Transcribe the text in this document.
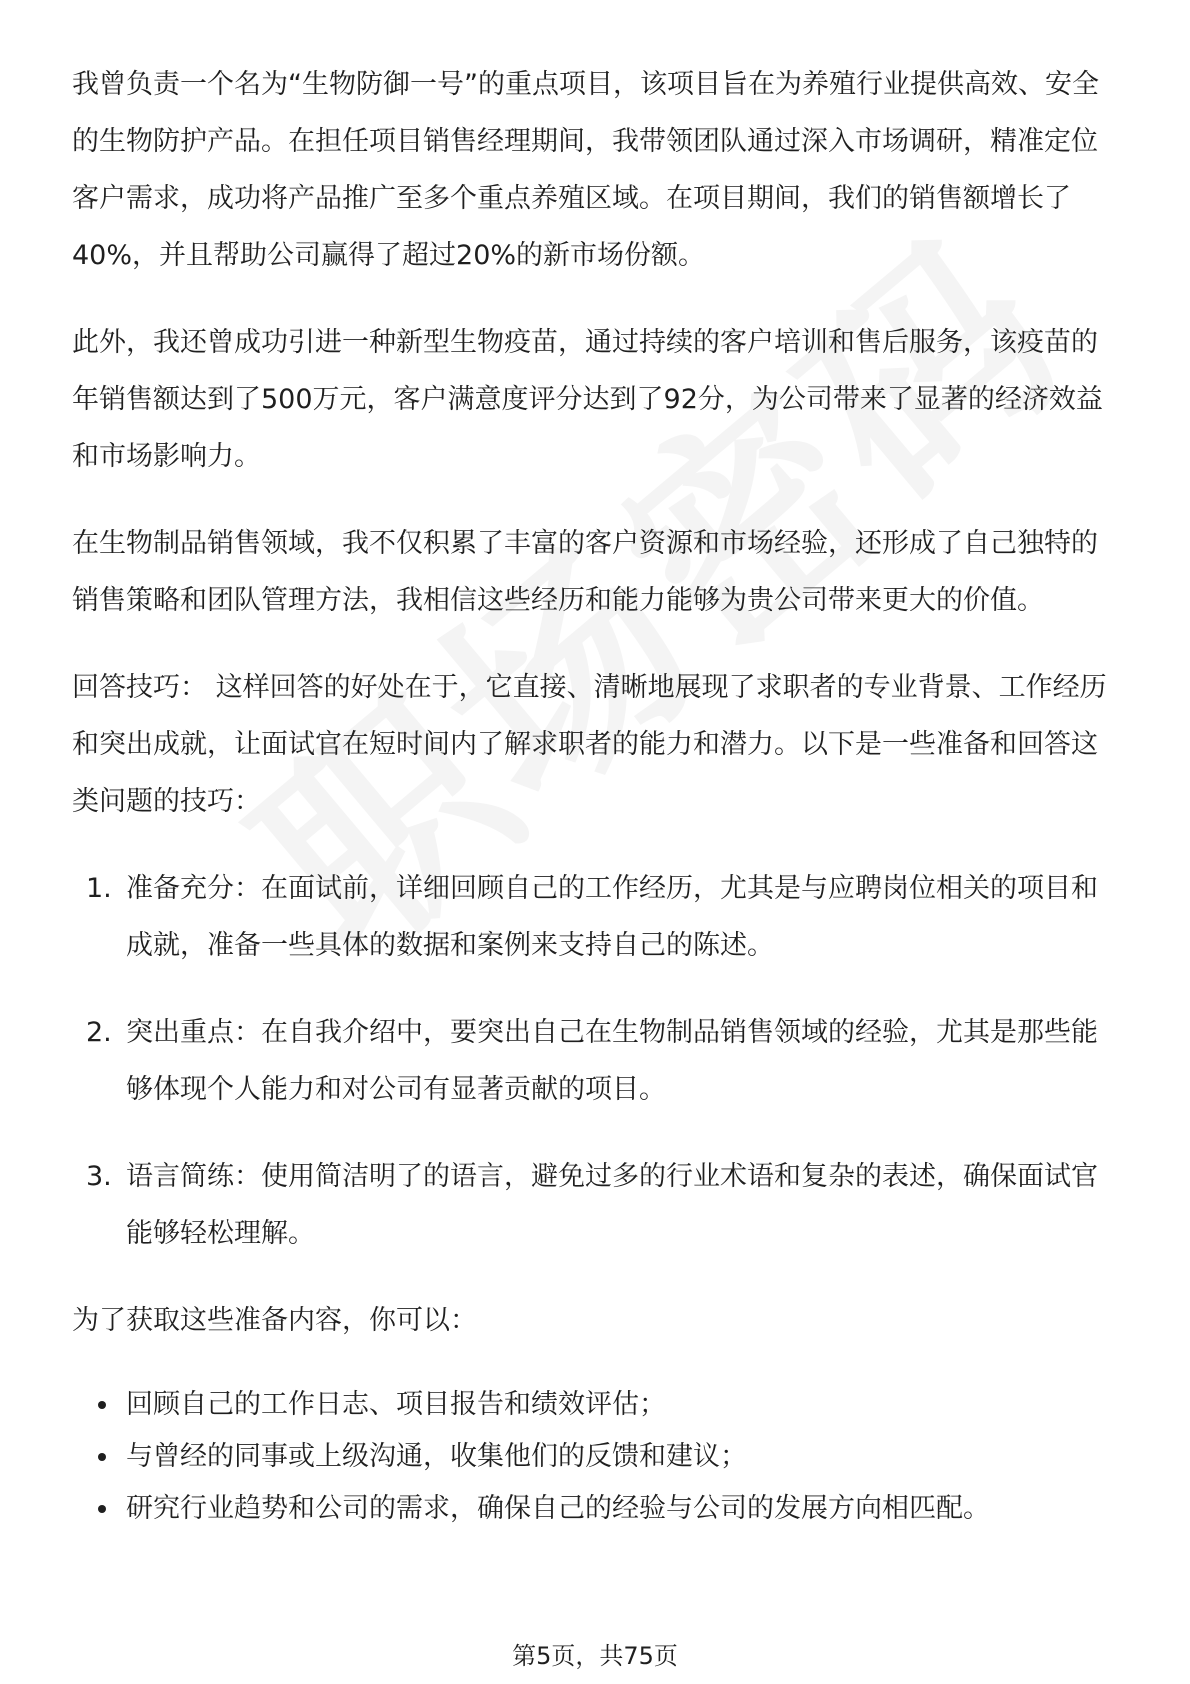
我曾负责一个名为“生物防御一号”的重点项目，该项目旨在为养殖行业提供高效、安全的生物防护产品。在担任项目销售经理期间，我带领团队通过深入市场调研，精准定位客户需求，成功将产品推广至多个重点养殖区域。在项目期间，我们的销售额增长了40%，并且帮助公司赢得了超过20%的新市场份额。

此外，我还曾成功引进一种新型生物疫苗，通过持续的客户培训和售后服务，该疫苗的年销售额达到了500万元，客户满意度评分达到了92分，为公司带来了显著的经济效益和市场影响力。

在生物制品销售领域，我不仅积累了丰富的客户资源和市场经验，还形成了自己独特的销售策略和团队管理方法，我相信这些经历和能力能够为贵公司带来更大的价值。

回答技巧： 这样回答的好处在于，它直接、清晰地展现了求职者的专业背景、工作经历和突出成就，让面试官在短时间内了解求职者的能力和潜力。以下是一些准备和回答这类问题的技巧：

1. 准备充分：在面试前，详细回顾自己的工作经历，尤其是与应聘岗位相关的项目和成就，准备一些具体的数据和案例来支持自己的陈述。
2. 突出重点：在自我介绍中，要突出自己在生物制品销售领域的经验，尤其是那些能够体现个人能力和对公司有显著贡献的项目。
3. 语言简练：使用简洁明了的语言，避免过多的行业术语和复杂的表述，确保面试官能够轻松理解。

为了获取这些准备内容，你可以：

回顾自己的工作日志、项目报告和绩效评估；
与曾经的同事或上级沟通，收集他们的反馈和建议；
研究行业趋势和公司的需求，确保自己的经验与公司的发展方向相匹配。
第5页，共75页
